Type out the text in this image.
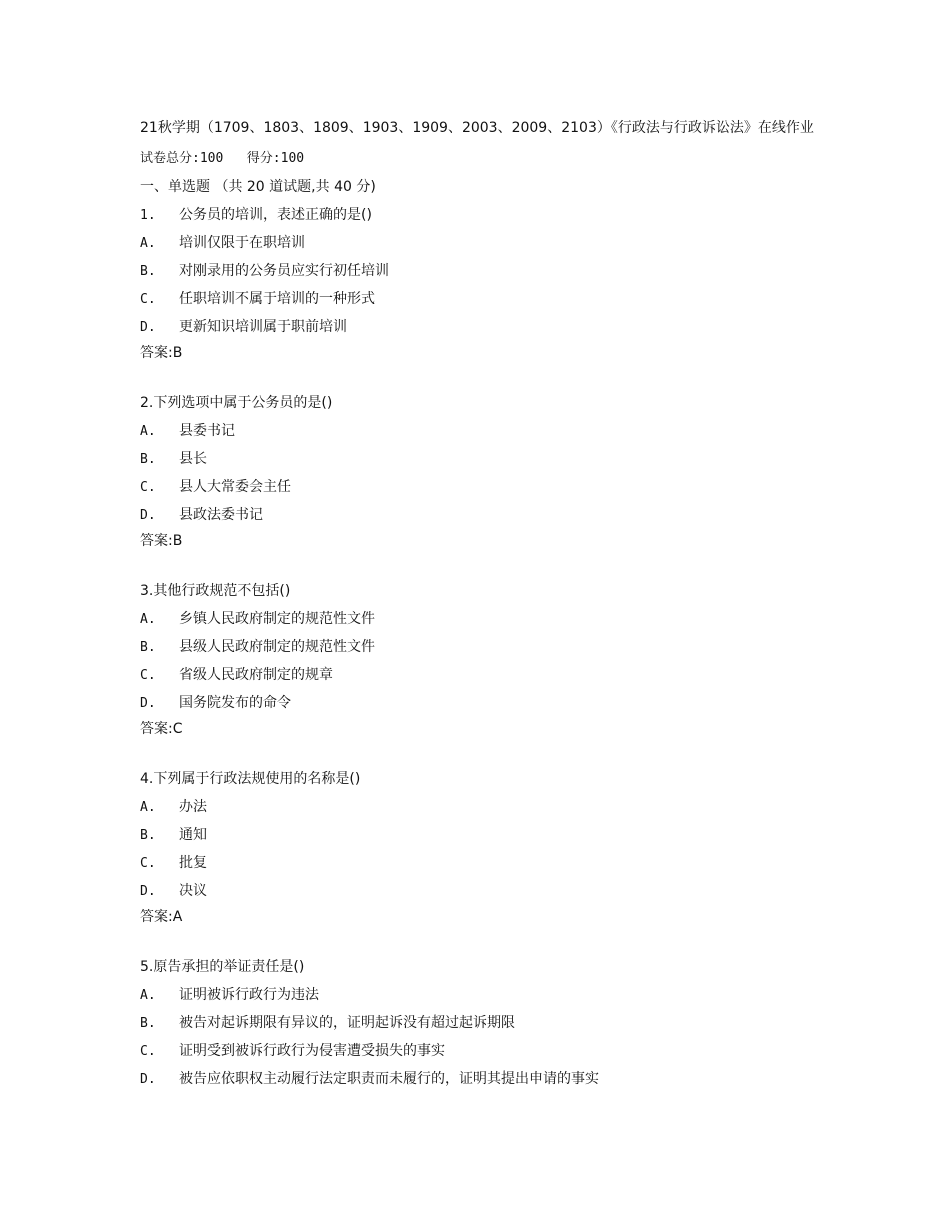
21秋学期（1709、1803、1809、1903、1909、2003、2009、2103）《行政法与行政诉讼法》在线作业
试卷总分:100   得分:100
一、单选题 （共 20 道试题,共 40 分)
1. 公务员的培训，表述正确的是()
A. 培训仅限于在职培训
B. 对刚录用的公务员应实行初任培训
C. 任职培训不属于培训的一种形式
D. 更新知识培训属于职前培训
答案:B
2.下列选项中属于公务员的是()
A. 县委书记
B. 县长
C. 县人大常委会主任
D. 县政法委书记
答案:B
3.其他行政规范不包括()
A. 乡镇人民政府制定的规范性文件
B. 县级人民政府制定的规范性文件
C. 省级人民政府制定的规章
D. 国务院发布的命令
答案:C
4.下列属于行政法规使用的名称是()
A. 办法
B. 通知
C. 批复
D. 决议
答案:A
5.原告承担的举证责任是()
A. 证明被诉行政行为违法
B. 被告对起诉期限有异议的，证明起诉没有超过起诉期限
C. 证明受到被诉行政行为侵害遭受损失的事实
D. 被告应依职权主动履行法定职责而未履行的，证明其提出申请的事实
